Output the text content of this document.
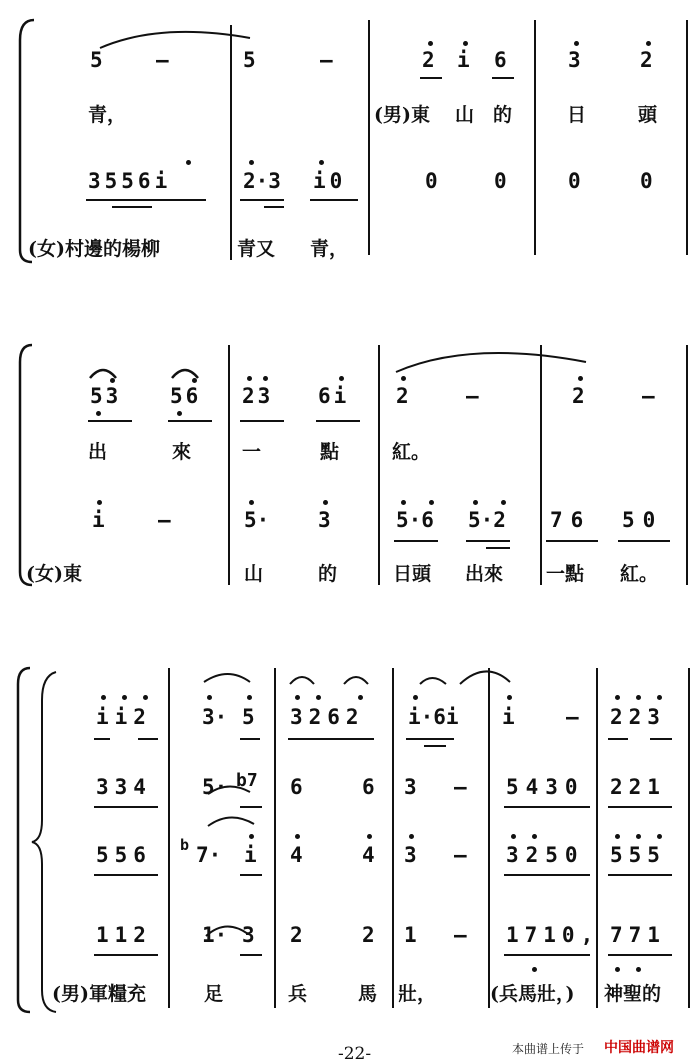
5	—	5	—	2 i 6	3	2
青，	(男)東 山 的	日	頭
3556i	2·3 i0	0	0	0	0
(女)村邊的楊柳	青又 青，
53 56 23 6i 2	—	2	—
出	來	一	點	紅。
i	—	5· 3	5·6 5·2 76 50
(女)東	山	的	日頭 出來 一點 紅。
ii2 3· 5 3262 i·6i i — 223
334 5· b7 6	6 3 — 5430 221
556 b 7· i 4	4 3 — 3250 555
112 1· 3 2	2 1 — 1710, 771
(男)軍糧充	足	兵	馬 壯，	(兵馬壯，) 神聖的
-22-	本曲谱上传于 中国曲谱网
